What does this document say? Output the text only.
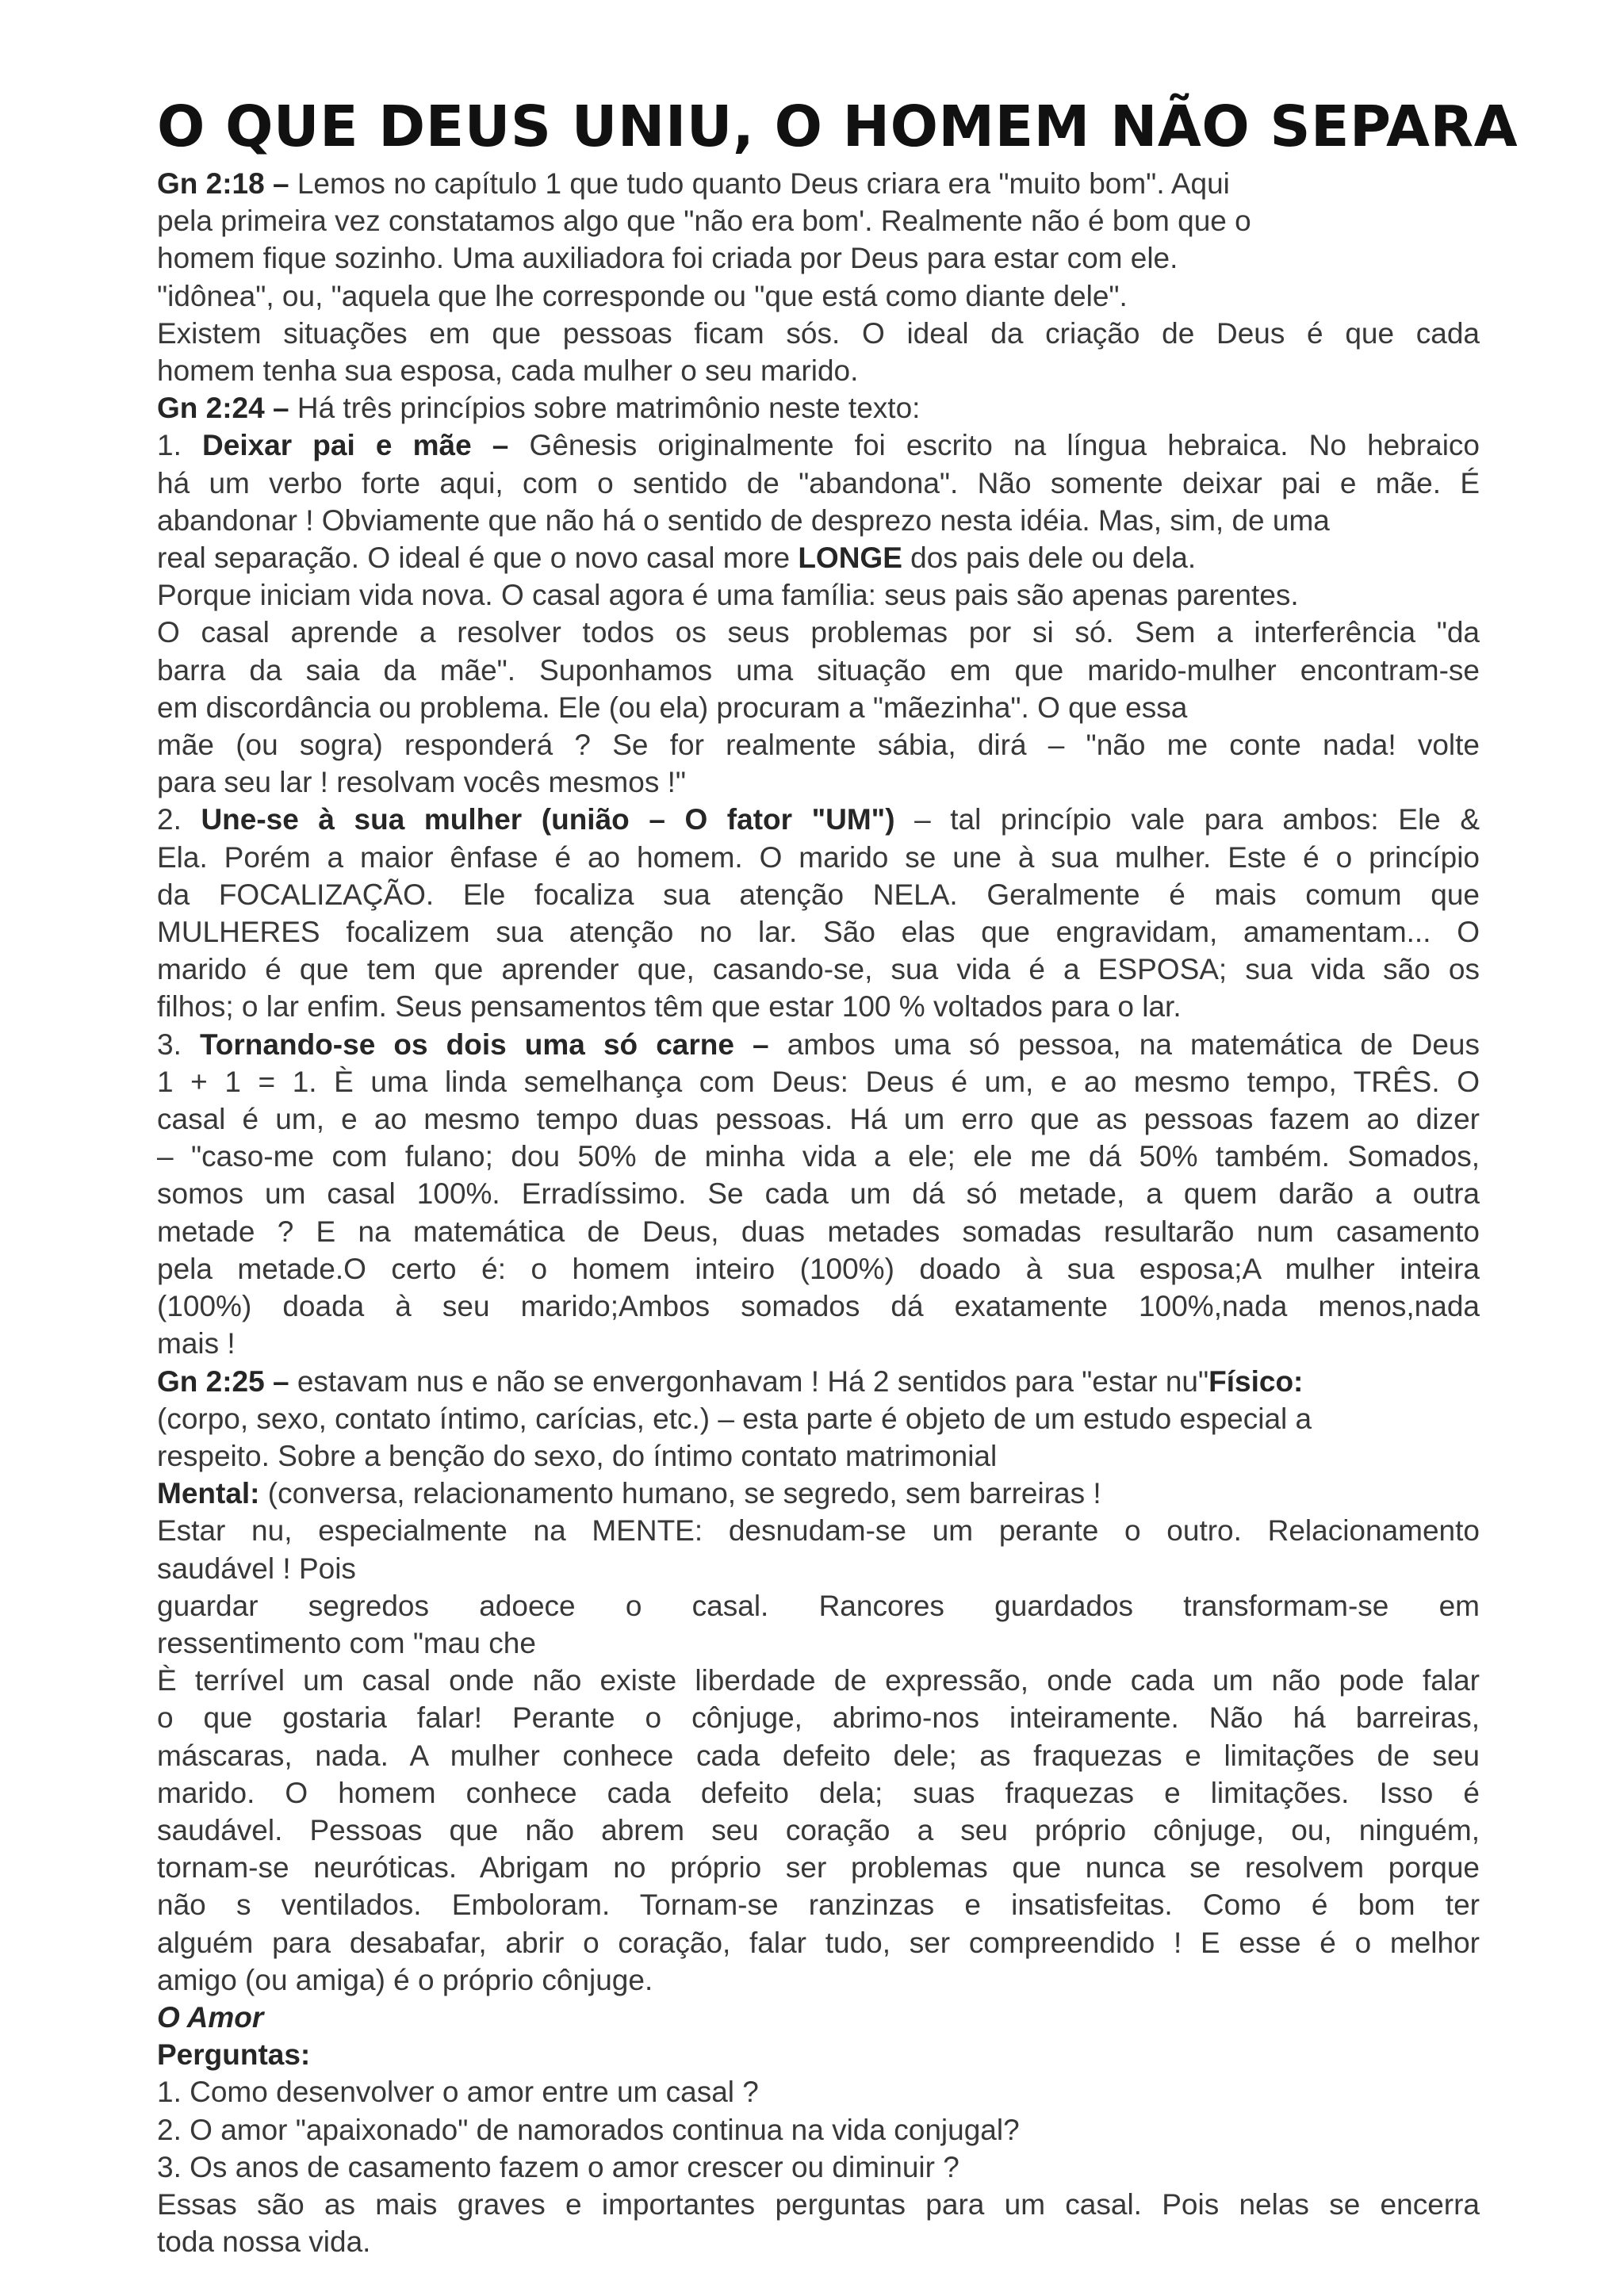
O QUE DEUS UNIU, O HOMEM NÃO SEPARA
Gn 2:18 – Lemos no capítulo 1 que tudo quanto Deus criara era "muito bom". Aqui
pela primeira vez constatamos algo que "não era bom'. Realmente não é bom que o
homem fique sozinho. Uma auxiliadora foi criada por Deus para estar com ele.
"idônea", ou, "aquela que lhe corresponde ou "que está como diante dele".
Existem situações em que pessoas ficam sós. O ideal da criação de Deus é que cada
homem tenha sua esposa, cada mulher o seu marido.
Gn 2:24 – Há três princípios sobre matrimônio neste texto:
1. Deixar pai e mãe – Gênesis originalmente foi escrito na língua hebraica. No hebraico
há um verbo forte aqui, com o sentido de "abandona". Não somente deixar pai e mãe. É
abandonar ! Obviamente que não há o sentido de desprezo nesta idéia. Mas, sim, de uma
real separação. O ideal é que o novo casal more LONGE dos pais dele ou dela.
Porque iniciam vida nova. O casal agora é uma família: seus pais são apenas parentes.
O casal aprende a resolver todos os seus problemas por si só. Sem a interferência "da
barra da saia da mãe". Suponhamos uma situação em que marido-mulher encontram-se
em discordância ou problema. Ele (ou ela) procuram a "mãezinha". O que essa
mãe (ou sogra) responderá ? Se for realmente sábia, dirá – "não me conte nada! volte
para seu lar ! resolvam vocês mesmos !"
2. Une-se à sua mulher (união – O fator "UM") – tal princípio vale para ambos: Ele &
Ela. Porém a maior ênfase é ao homem. O marido se une à sua mulher. Este é o princípio
da FOCALIZAÇÃO. Ele focaliza sua atenção NELA. Geralmente é mais comum que
MULHERES focalizem sua atenção no lar. São elas que engravidam, amamentam... O
marido é que tem que aprender que, casando-se, sua vida é a ESPOSA; sua vida são os
filhos; o lar enfim. Seus pensamentos têm que estar 100 % voltados para o lar.
3. Tornando-se os dois uma só carne – ambos uma só pessoa, na matemática de Deus
1 + 1 = 1. È uma linda semelhança com Deus: Deus é um, e ao mesmo tempo, TRÊS. O
casal é um, e ao mesmo tempo duas pessoas. Há um erro que as pessoas fazem ao dizer
– "caso-me com fulano; dou 50% de minha vida a ele; ele me dá 50% também. Somados,
somos um casal 100%. Erradíssimo. Se cada um dá só metade, a quem darão a outra
metade ? E na matemática de Deus, duas metades somadas resultarão num casamento
pela metade.O certo é: o homem inteiro (100%) doado à sua esposa;A mulher inteira
(100%) doada à seu marido;Ambos somados dá exatamente 100%,nada menos,nada
mais !
Gn 2:25 – estavam nus e não se envergonhavam ! Há 2 sentidos para "estar nu"Físico:
(corpo, sexo, contato íntimo, carícias, etc.) – esta parte é objeto de um estudo especial a
respeito. Sobre a benção do sexo, do íntimo contato matrimonial
Mental: (conversa, relacionamento humano, se segredo, sem barreiras !
Estar nu, especialmente na MENTE: desnudam-se um perante o outro. Relacionamento
saudável ! Pois
guardar segredos adoece o casal. Rancores guardados transformam-se em
ressentimento com "mau che
È terrível um casal onde não existe liberdade de expressão, onde cada um não pode falar
o que gostaria falar! Perante o cônjuge, abrimo-nos inteiramente. Não há barreiras,
máscaras, nada. A mulher conhece cada defeito dele; as fraquezas e limitações de seu
marido. O homem conhece cada defeito dela; suas fraquezas e limitações. Isso é
saudável. Pessoas que não abrem seu coração a seu próprio cônjuge, ou, ninguém,
tornam-se neuróticas. Abrigam no próprio ser problemas que nunca se resolvem porque
não s ventilados. Emboloram. Tornam-se ranzinzas e insatisfeitas. Como é bom ter
alguém para desabafar, abrir o coração, falar tudo, ser compreendido ! E esse é o melhor
amigo (ou amiga) é o próprio cônjuge.
O Amor
Perguntas:
1. Como desenvolver o amor entre um casal ?
2. O amor "apaixonado" de namorados continua na vida conjugal?
3. Os anos de casamento fazem o amor crescer ou diminuir ?
Essas são as mais graves e importantes perguntas para um casal. Pois nelas se encerra
toda nossa vida.
